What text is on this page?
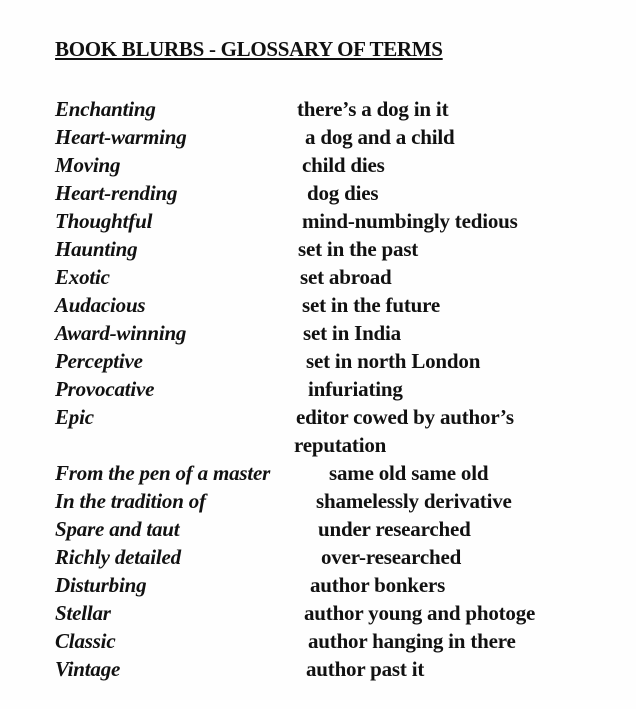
BOOK BLURBS - GLOSSARY OF TERMS
Enchanting	there’s a dog in it
Heart-warming	a dog and a child
Moving	child dies
Heart-rending	dog dies
Thoughtful	mind-numbingly tedious
Haunting	set in the past
Exotic	set abroad
Audacious	set in the future
Award-winning	set in India
Perceptive	set in north London
Provocative	infuriating
Epic	editor cowed by author’s
reputation
From the pen of a master	same old same old
In the tradition of	shamelessly derivative
Spare and taut	under researched
Richly detailed	over-researched
Disturbing	author bonkers
Stellar	author young and photoge
Classic	author hanging in there
Vintage	author past it
